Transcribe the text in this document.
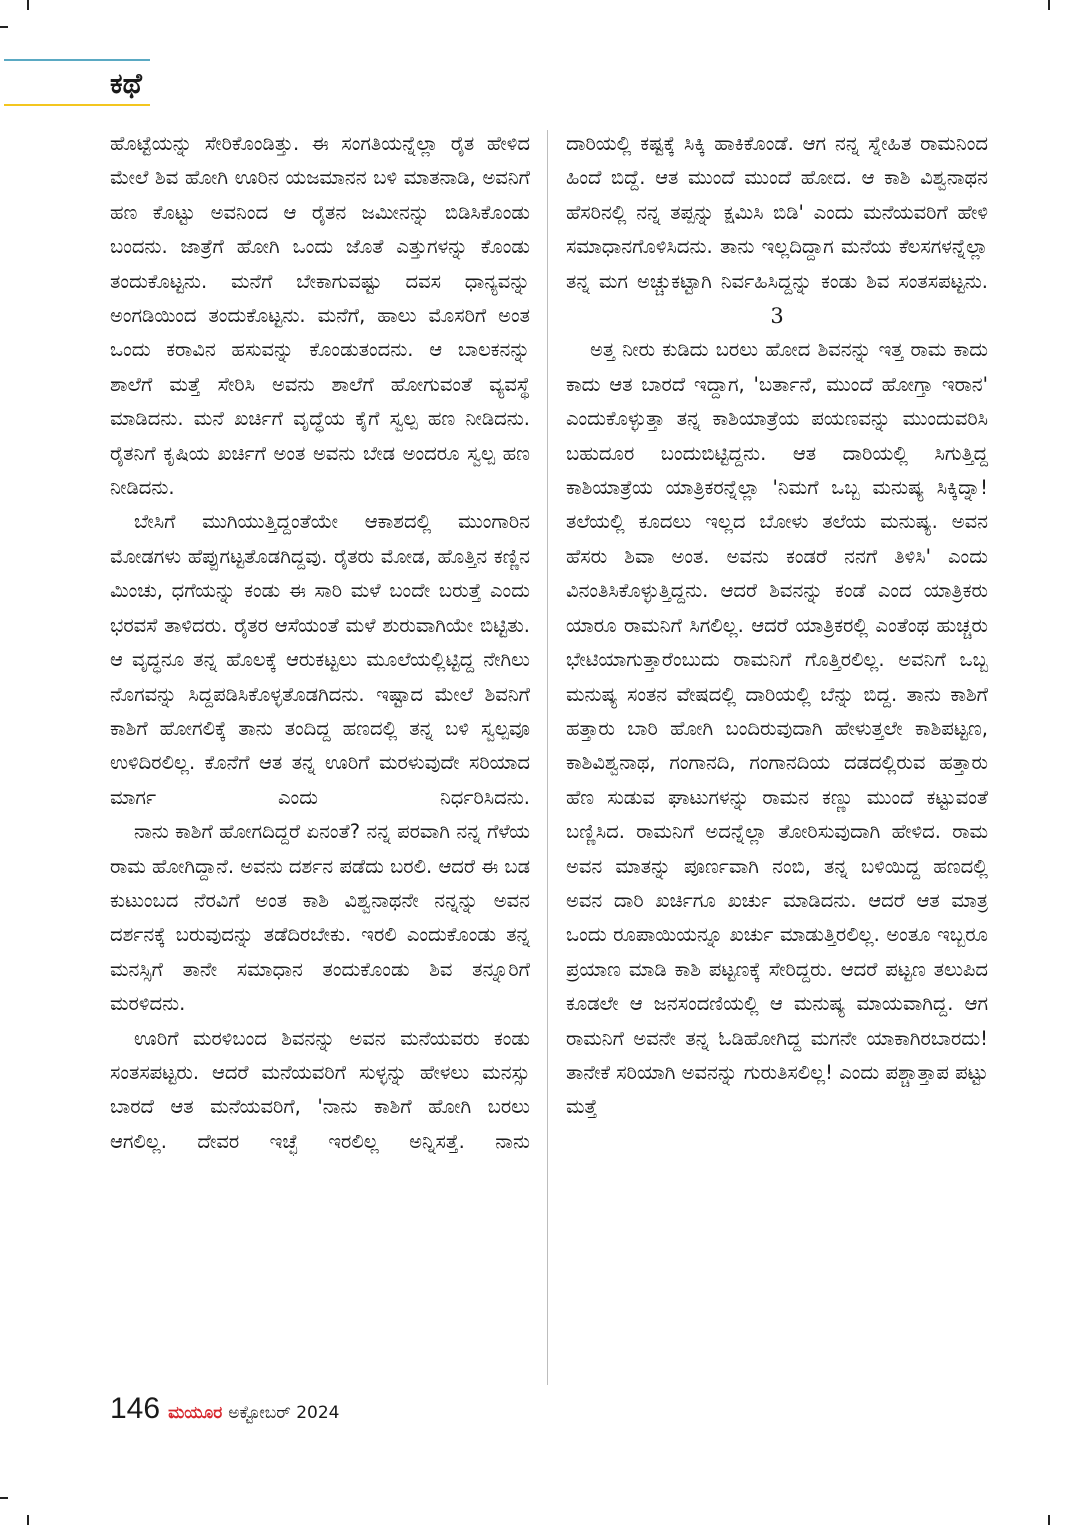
ಕಥೆ

ಹೊಟ್ಟೆಯನ್ನು ಸೇರಿಕೊಂಡಿತ್ತು. ಈ ಸಂಗತಿಯನ್ನೆಲ್ಲಾ ರೈತ ಹೇಳಿದ ಮೇಲೆ ಶಿವ ಹೋಗಿ ಊರಿನ ಯಜಮಾನನ ಬಳಿ ಮಾತನಾಡಿ, ಅವನಿಗೆ ಹಣ ಕೊಟ್ಟು ಅವನಿಂದ ಆ ರೈತನ ಜಮೀನನ್ನು ಬಿಡಿಸಿಕೊಂಡು ಬಂದನು. ಜಾತ್ರೆಗೆ ಹೋಗಿ ಒಂದು ಜೊತೆ ಎತ್ತುಗಳನ್ನು ಕೊಂಡು ತಂದುಕೊಟ್ಟನು. ಮನೆಗೆ ಬೇಕಾಗುವಷ್ಟು ದವಸ ಧಾನ್ಯವನ್ನು ಅಂಗಡಿಯಿಂದ ತಂದುಕೊಟ್ಟನು. ಮನೆಗೆ, ಹಾಲು ಮೊಸರಿಗೆ ಅಂತ ಒಂದು ಕರಾವಿನ ಹಸುವನ್ನು ಕೊಂಡುತಂದನು. ಆ ಬಾಲಕನನ್ನು ಶಾಲೆಗೆ ಮತ್ತೆ ಸೇರಿಸಿ ಅವನು ಶಾಲೆಗೆ ಹೋಗುವಂತೆ ವ್ಯವಸ್ಥೆ ಮಾಡಿದನು. ಮನೆ ಖರ್ಚಿಗೆ ವೃದ್ಧೆಯ ಕೈಗೆ ಸ್ವಲ್ಪ ಹಣ ನೀಡಿದನು. ರೈತನಿಗೆ ಕೃಷಿಯ ಖರ್ಚಿಗೆ ಅಂತ ಅವನು ಬೇಡ ಅಂದರೂ ಸ್ವಲ್ಪ ಹಣ ನೀಡಿದನು.

ಬೇಸಿಗೆ ಮುಗಿಯುತ್ತಿದ್ದಂತೆಯೇ ಆಕಾಶದಲ್ಲಿ ಮುಂಗಾರಿನ ಮೋಡಗಳು ಹೆಪ್ಪುಗಟ್ಟತೊಡಗಿದ್ದವು. ರೈತರು ಮೋಡ, ಹೊತ್ತಿನ ಕಣ್ಣಿನ ಮಿಂಚು, ಧಗೆಯನ್ನು ಕಂಡು ಈ ಸಾರಿ ಮಳೆ ಬಂದೇ ಬರುತ್ತೆ ಎಂದು ಭರವಸೆ ತಾಳಿದರು. ರೈತರ ಆಸೆಯಂತೆ ಮಳೆ ಶುರುವಾಗಿಯೇ ಬಿಟ್ಟಿತು. ಆ ವೃದ್ಧನೂ ತನ್ನ ಹೊಲಕ್ಕೆ ಆರುಕಟ್ಟಲು ಮೂಲೆಯಲ್ಲಿಟ್ಟಿದ್ದ ನೇಗಿಲು ನೊಗವನ್ನು ಸಿದ್ದಪಡಿಸಿಕೊಳ್ಳತೊಡಗಿದನು. ಇಷ್ಟಾದ ಮೇಲೆ ಶಿವನಿಗೆ ಕಾಶಿಗೆ ಹೋಗಲಿಕ್ಕೆ ತಾನು ತಂದಿದ್ದ ಹಣದಲ್ಲಿ ತನ್ನ ಬಳಿ ಸ್ವಲ್ಪವೂ ಉಳಿದಿರಲಿಲ್ಲ. ಕೊನೆಗೆ ಆತ ತನ್ನ ಊರಿಗೆ ಮರಳುವುದೇ ಸರಿಯಾದ ಮಾರ್ಗ ಎಂದು ನಿರ್ಧರಿಸಿದನು.

ನಾನು ಕಾಶಿಗೆ ಹೋಗದಿದ್ದರೆ ಏನಂತೆ? ನನ್ನ ಪರವಾಗಿ ನನ್ನ ಗೆಳೆಯ ರಾಮ ಹೋಗಿದ್ದಾನೆ. ಅವನು ದರ್ಶನ ಪಡೆದು ಬರಲಿ. ಆದರೆ ಈ ಬಡ ಕುಟುಂಬದ ನೆರವಿಗೆ ಅಂತ ಕಾಶಿ ವಿಶ್ವನಾಥನೇ ನನ್ನನ್ನು ಅವನ ದರ್ಶನಕ್ಕೆ ಬರುವುದನ್ನು ತಡೆದಿರಬೇಕು. ಇರಲಿ ಎಂದುಕೊಂಡು ತನ್ನ ಮನಸ್ಸಿಗೆ ತಾನೇ ಸಮಾಧಾನ ತಂದುಕೊಂಡು ಶಿವ ತನ್ನೂರಿಗೆ ಮರಳಿದನು.

ಊರಿಗೆ ಮರಳಿಬಂದ ಶಿವನನ್ನು ಅವನ ಮನೆಯವರು ಕಂಡು ಸಂತಸಪಟ್ಟರು. ಆದರೆ ಮನೆಯವರಿಗೆ ಸುಳ್ಳನ್ನು ಹೇಳಲು ಮನಸ್ಸು ಬಾರದೆ ಆತ ಮನೆಯವರಿಗೆ, 'ನಾನು ಕಾಶಿಗೆ ಹೋಗಿ ಬರಲು ಆಗಲಿಲ್ಲ. ದೇವರ ಇಚ್ಛೆ ಇರಲಿಲ್ಲ ಅನ್ನಿಸತ್ತೆ. ನಾನು

ದಾರಿಯಲ್ಲಿ ಕಷ್ಟಕ್ಕೆ ಸಿಕ್ಕಿ ಹಾಕಿಕೊಂಡೆ. ಆಗ ನನ್ನ ಸ್ನೇಹಿತ ರಾಮನಿಂದ ಹಿಂದೆ ಬಿದ್ದೆ. ಆತ ಮುಂದೆ ಮುಂದೆ ಹೋದ. ಆ ಕಾಶಿ ವಿಶ್ವನಾಥನ ಹೆಸರಿನಲ್ಲಿ ನನ್ನ ತಪ್ಪನ್ನು ಕ್ಷಮಿಸಿ ಬಿಡಿ' ಎಂದು ಮನೆಯವರಿಗೆ ಹೇಳಿ ಸಮಾಧಾನಗೊಳಿಸಿದನು. ತಾನು ಇಲ್ಲದಿದ್ದಾಗ ಮನೆಯ ಕೆಲಸಗಳನ್ನೆಲ್ಲಾ ತನ್ನ ಮಗ ಅಚ್ಚುಕಟ್ಟಾಗಿ ನಿರ್ವಹಿಸಿದ್ದನ್ನು ಕಂಡು ಶಿವ ಸಂತಸಪಟ್ಟನು.

3

ಅತ್ತ ನೀರು ಕುಡಿದು ಬರಲು ಹೋದ ಶಿವನನ್ನು ಇತ್ತ ರಾಮ ಕಾದು ಕಾದು ಆತ ಬಾರದೆ ಇದ್ದಾಗ, 'ಬರ್ತಾನೆ, ಮುಂದೆ ಹೋಗ್ತಾ ಇರಾನ' ಎಂದುಕೊಳ್ಳುತ್ತಾ ತನ್ನ ಕಾಶಿಯಾತ್ರೆಯ ಪಯಣವನ್ನು ಮುಂದುವರಿಸಿ ಬಹುದೂರ ಬಂದುಬಿಟ್ಟಿದ್ದನು. ಆತ ದಾರಿಯಲ್ಲಿ ಸಿಗುತ್ತಿದ್ದ ಕಾಶಿಯಾತ್ರೆಯ ಯಾತ್ರಿಕರನ್ನೆಲ್ಲಾ 'ನಿಮಗೆ ಒಬ್ಬ ಮನುಷ್ಯ ಸಿಕ್ಕಿದ್ನಾ! ತಲೆಯಲ್ಲಿ ಕೂದಲು ಇಲ್ಲದ ಬೋಳು ತಲೆಯ ಮನುಷ್ಯ. ಅವನ ಹೆಸರು ಶಿವಾ ಅಂತ. ಅವನು ಕಂಡರೆ ನನಗೆ ತಿಳಿಸಿ' ಎಂದು ವಿನಂತಿಸಿಕೊಳ್ಳುತ್ತಿದ್ದನು. ಆದರೆ ಶಿವನನ್ನು ಕಂಡೆ ಎಂದ ಯಾತ್ರಿಕರು ಯಾರೂ ರಾಮನಿಗೆ ಸಿಗಲಿಲ್ಲ. ಆದರೆ ಯಾತ್ರಿಕರಲ್ಲಿ ಎಂತೆಂಥ ಹುಚ್ಚರು ಭೇಟಿಯಾಗುತ್ತಾರೆಂಬುದು ರಾಮನಿಗೆ ಗೊತ್ತಿರಲಿಲ್ಲ. ಅವನಿಗೆ ಒಬ್ಬ ಮನುಷ್ಯ ಸಂತನ ವೇಷದಲ್ಲಿ ದಾರಿಯಲ್ಲಿ ಬೆನ್ನು ಬಿದ್ದ. ತಾನು ಕಾಶಿಗೆ ಹತ್ತಾರು ಬಾರಿ ಹೋಗಿ ಬಂದಿರುವುದಾಗಿ ಹೇಳುತ್ತಲೇ ಕಾಶಿಪಟ್ಟಣ, ಕಾಶಿವಿಶ್ವನಾಥ, ಗಂಗಾನದಿ, ಗಂಗಾನದಿಯ ದಡದಲ್ಲಿರುವ ಹತ್ತಾರು ಹೆಣ ಸುಡುವ ಘಾಟುಗಳನ್ನು ರಾಮನ ಕಣ್ಣು ಮುಂದೆ ಕಟ್ಟುವಂತೆ ಬಣ್ಣಿಸಿದ. ರಾಮನಿಗೆ ಅದನ್ನೆಲ್ಲಾ ತೋರಿಸುವುದಾಗಿ ಹೇಳಿದ. ರಾಮ ಅವನ ಮಾತನ್ನು ಪೂರ್ಣವಾಗಿ ನಂಬಿ, ತನ್ನ ಬಳಿಯಿದ್ದ ಹಣದಲ್ಲಿ ಅವನ ದಾರಿ ಖರ್ಚಿಗೂ ಖರ್ಚು ಮಾಡಿದನು. ಆದರೆ ಆತ ಮಾತ್ರ ಒಂದು ರೂಪಾಯಿಯನ್ನೂ ಖರ್ಚು ಮಾಡುತ್ತಿರಲಿಲ್ಲ. ಅಂತೂ ಇಬ್ಬರೂ ಪ್ರಯಾಣ ಮಾಡಿ ಕಾಶಿ ಪಟ್ಟಣಕ್ಕೆ ಸೇರಿದ್ದರು. ಆದರೆ ಪಟ್ಟಣ ತಲುಪಿದ ಕೂಡಲೇ ಆ ಜನಸಂದಣಿಯಲ್ಲಿ ಆ ಮನುಷ್ಯ ಮಾಯವಾಗಿದ್ದ. ಆಗ ರಾಮನಿಗೆ ಅವನೇ ತನ್ನ ಓಡಿಹೋಗಿದ್ದ ಮಗನೇ ಯಾಕಾಗಿರಬಾರದು! ತಾನೇಕೆ ಸರಿಯಾಗಿ ಅವನನ್ನು ಗುರುತಿಸಲಿಲ್ಲ! ಎಂದು ಪಶ್ಚಾತ್ತಾಪ ಪಟ್ಟು ಮತ್ತೆ

146 ಮಯೂರ ಅಕ್ಟೋಬರ್ 2024
